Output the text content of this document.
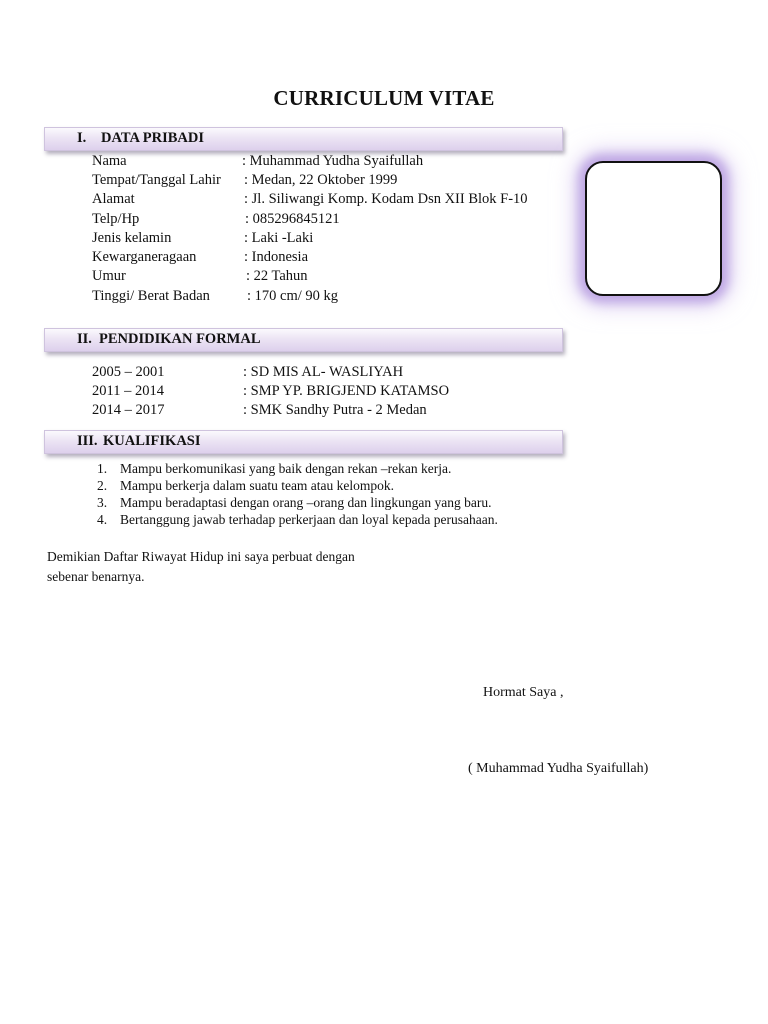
CURRICULUM VITAE
I. DATA PRIBADI
Nama	: Muhammad Yudha Syaifullah
Tempat/Tanggal Lahir : Medan, 22 Oktober 1999
Alamat	: Jl. Siliwangi Komp. Kodam Dsn XII Blok F-10
Telp/Hp	: 085296845121
Jenis kelamin	: Laki -Laki
Kewarganeragaan	: Indonesia
Umur	: 22 Tahun
Tinggi/ Berat Badan	: 170 cm/ 90 kg
II. PENDIDIKAN FORMAL
2005 – 2001	: SD MIS AL- WASLIYAH
2011 – 2014	: SMP YP. BRIGJEND KATAMSO
2014 – 2017	: SMK Sandhy Putra - 2 Medan
III. KUALIFIKASI
1. Mampu berkomunikasi yang baik dengan rekan –rekan kerja.
2. Mampu berkerja dalam suatu team atau kelompok.
3. Mampu beradaptasi dengan orang –orang dan lingkungan yang baru.
4. Bertanggung jawab terhadap perkerjaan dan loyal kepada perusahaan.
Demikian Daftar Riwayat Hidup ini saya perbuat dengan
sebenar benarnya.
Hormat Saya ,
( Muhammad Yudha Syaifullah)
